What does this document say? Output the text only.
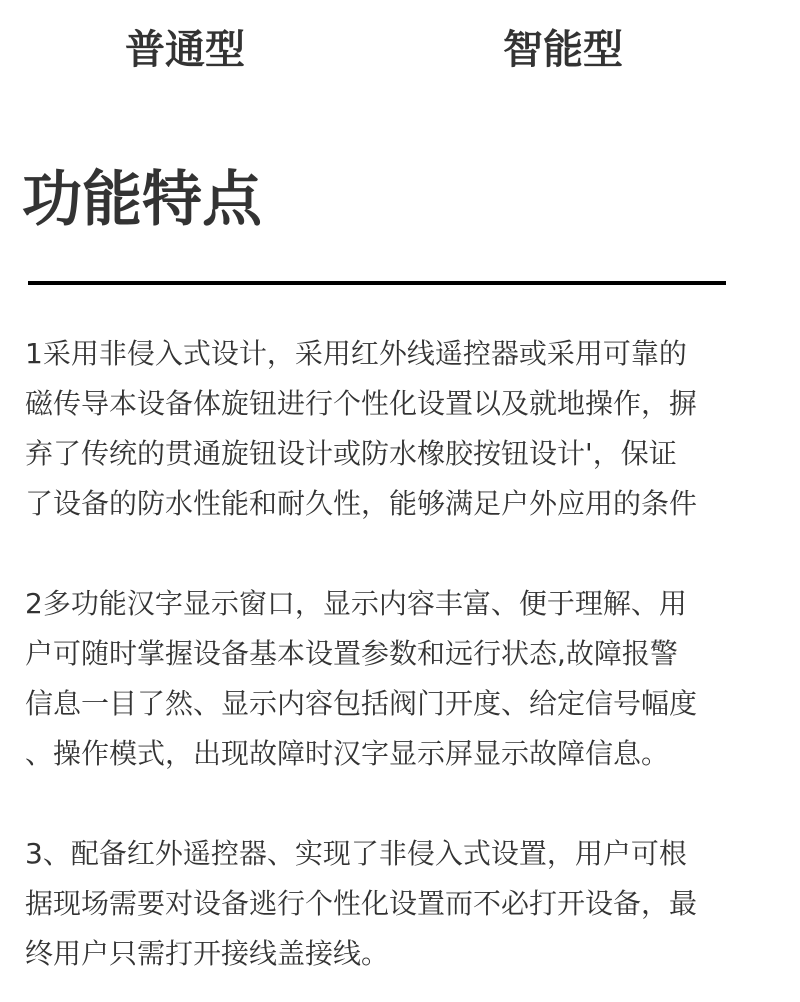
普通型	智能型
功能特点
1采用非侵入式设计，采用红外线遥控器或采用可靠的
磁传导本设备体旋钮进行个性化设置以及就地操作，摒
弃了传统的贯通旋钮设计或防水橡胶按钮设计'，保证
了设备的防水性能和耐久性，能够满足户外应用的条件
2多功能汉字显示窗口，显示内容丰富、便于理解、用
户可随时掌握设备基本设置参数和远行状态,故障报警
信息一目了然、显示内容包括阀门开度、给定信号幅度
、操作模式，出现故障时汉字显示屏显示故障信息。
3、配备红外遥控器、实现了非侵入式设置，用户可根
据现场需要对设备逃行个性化设置而不必打开设备，最
终用户只需打开接线盖接线。
